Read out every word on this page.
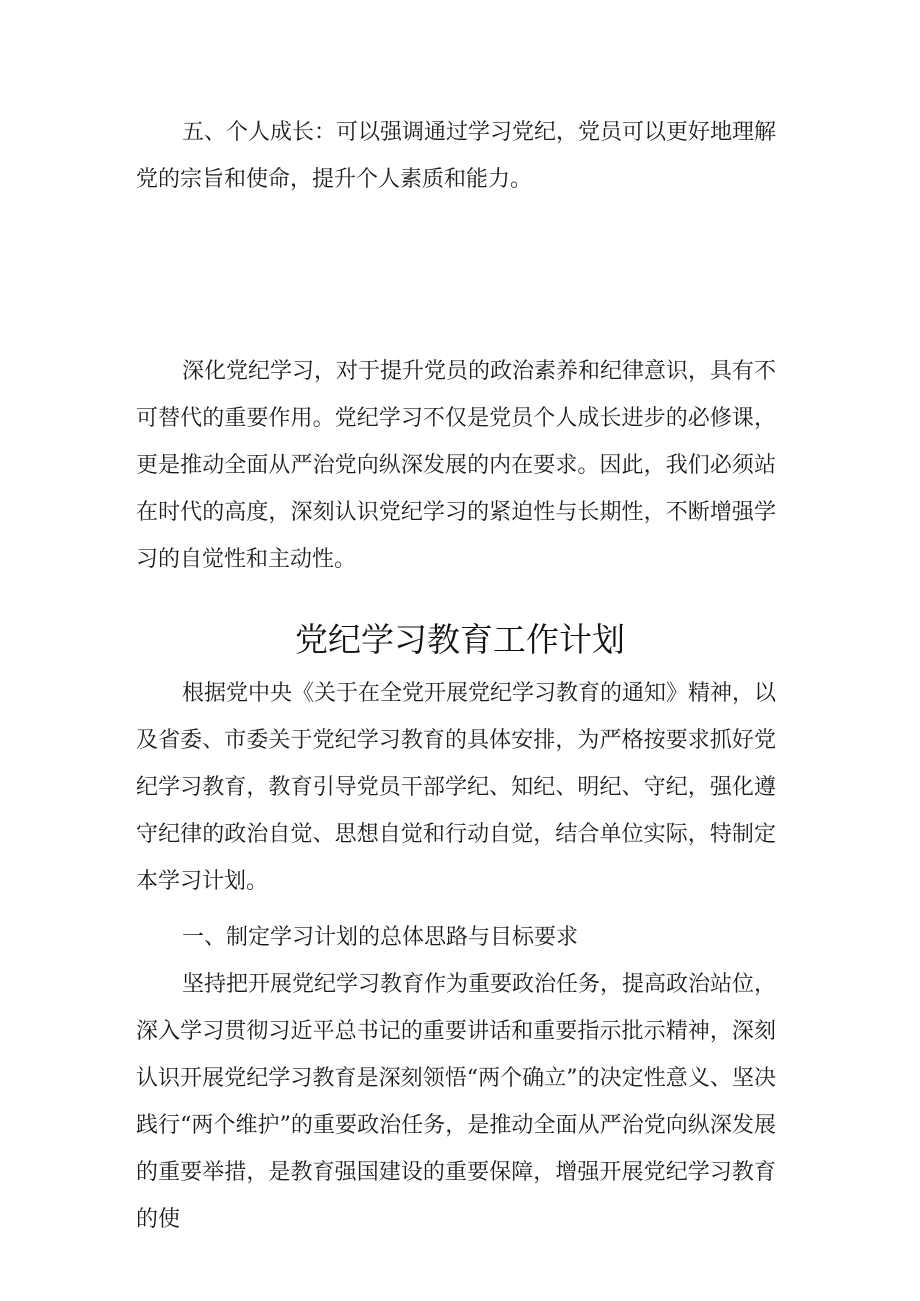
五、个人成长：可以强调通过学习党纪，党员可以更好地理解党的宗旨和使命，提升个人素质和能力。

深化党纪学习，对于提升党员的政治素养和纪律意识，具有不可替代的重要作用。党纪学习不仅是党员个人成长进步的必修课，更是推动全面从严治党向纵深发展的内在要求。因此，我们必须站在时代的高度，深刻认识党纪学习的紧迫性与长期性，不断增强学习的自觉性和主动性。

党纪学习教育工作计划

根据党中央《关于在全党开展党纪学习教育的通知》精神，以及省委、市委关于党纪学习教育的具体安排，为严格按要求抓好党纪学习教育，教育引导党员干部学纪、知纪、明纪、守纪，强化遵守纪律的政治自觉、思想自觉和行动自觉，结合单位实际，特制定本学习计划。

一、制定学习计划的总体思路与目标要求

坚持把开展党纪学习教育作为重要政治任务，提高政治站位，深入学习贯彻习近平总书记的重要讲话和重要指示批示精神，深刻认识开展党纪学习教育是深刻领悟“两个确立”的决定性意义、坚决践行“两个维护”的重要政治任务，是推动全面从严治党向纵深发展的重要举措，是教育强国建设的重要保障，增强开展党纪学习教育的使
